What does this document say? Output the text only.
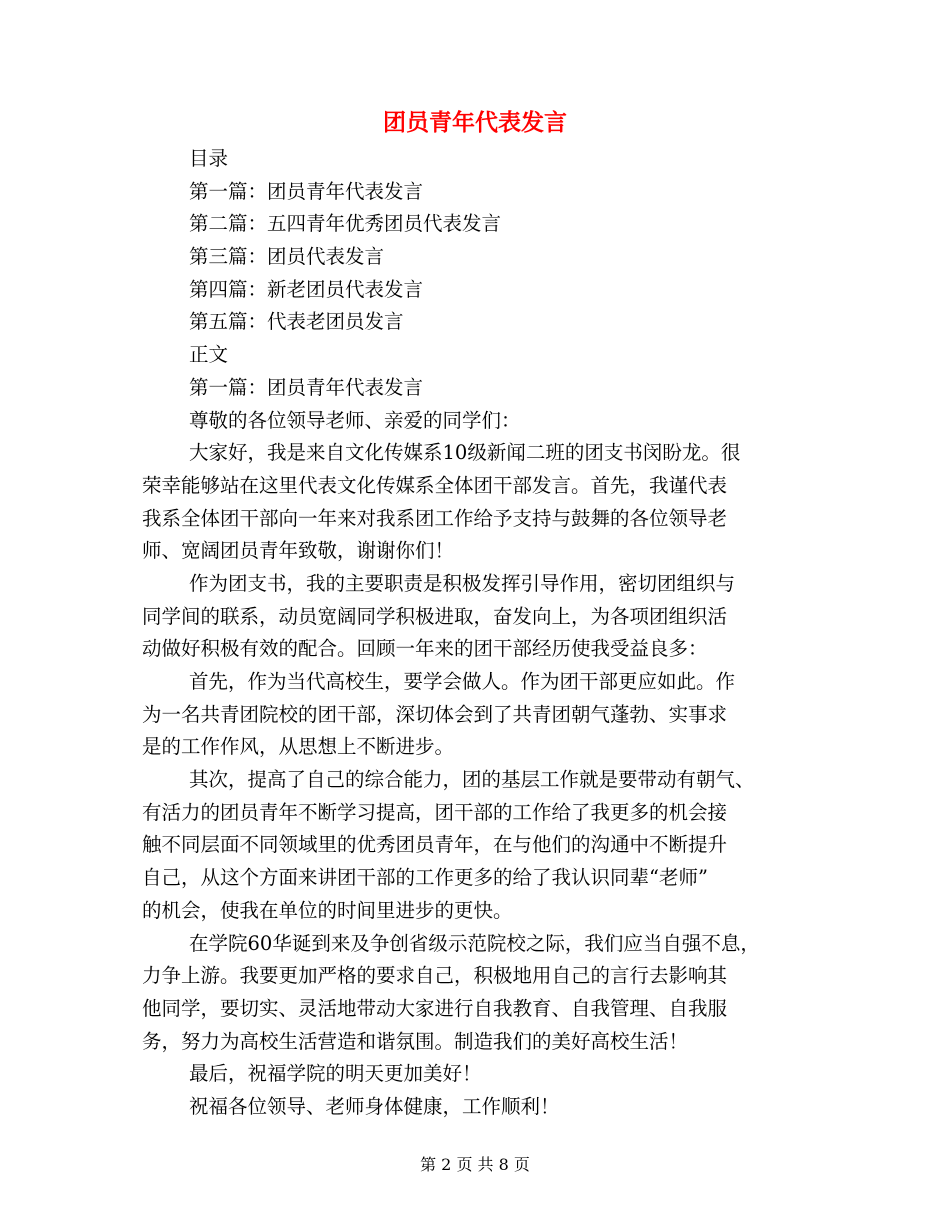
团员青年代表发言
目录
第一篇：团员青年代表发言
第二篇：五四青年优秀团员代表发言
第三篇：团员代表发言
第四篇：新老团员代表发言
第五篇：代表老团员发言
正文
第一篇：团员青年代表发言
尊敬的各位领导老师、亲爱的同学们：
大家好，我是来自文化传媒系10级新闻二班的团支书闵盼龙。很
荣幸能够站在这里代表文化传媒系全体团干部发言。首先，我谨代表
我系全体团干部向一年来对我系团工作给予支持与鼓舞的各位领导老
师、宽阔团员青年致敬，谢谢你们！
作为团支书，我的主要职责是积极发挥引导作用，密切团组织与
同学间的联系，动员宽阔同学积极进取，奋发向上，为各项团组织活
动做好积极有效的配合。回顾一年来的团干部经历使我受益良多：
首先，作为当代高校生，要学会做人。作为团干部更应如此。作
为一名共青团院校的团干部，深切体会到了共青团朝气蓬勃、实事求
是的工作作风，从思想上不断进步。
其次，提高了自己的综合能力，团的基层工作就是要带动有朝气、
有活力的团员青年不断学习提高，团干部的工作给了我更多的机会接
触不同层面不同领域里的优秀团员青年，在与他们的沟通中不断提升
自己，从这个方面来讲团干部的工作更多的给了我认识同辈“老师”
的机会，使我在单位的时间里进步的更快。
在学院60华诞到来及争创省级示范院校之际，我们应当自强不息，
力争上游。我要更加严格的要求自己，积极地用自己的言行去影响其
他同学，要切实、灵活地带动大家进行自我教育、自我管理、自我服
务，努力为高校生活营造和谐氛围。制造我们的美好高校生活！
最后，祝福学院的明天更加美好！
祝福各位领导、老师身体健康，工作顺利！
第 2 页 共 8 页
